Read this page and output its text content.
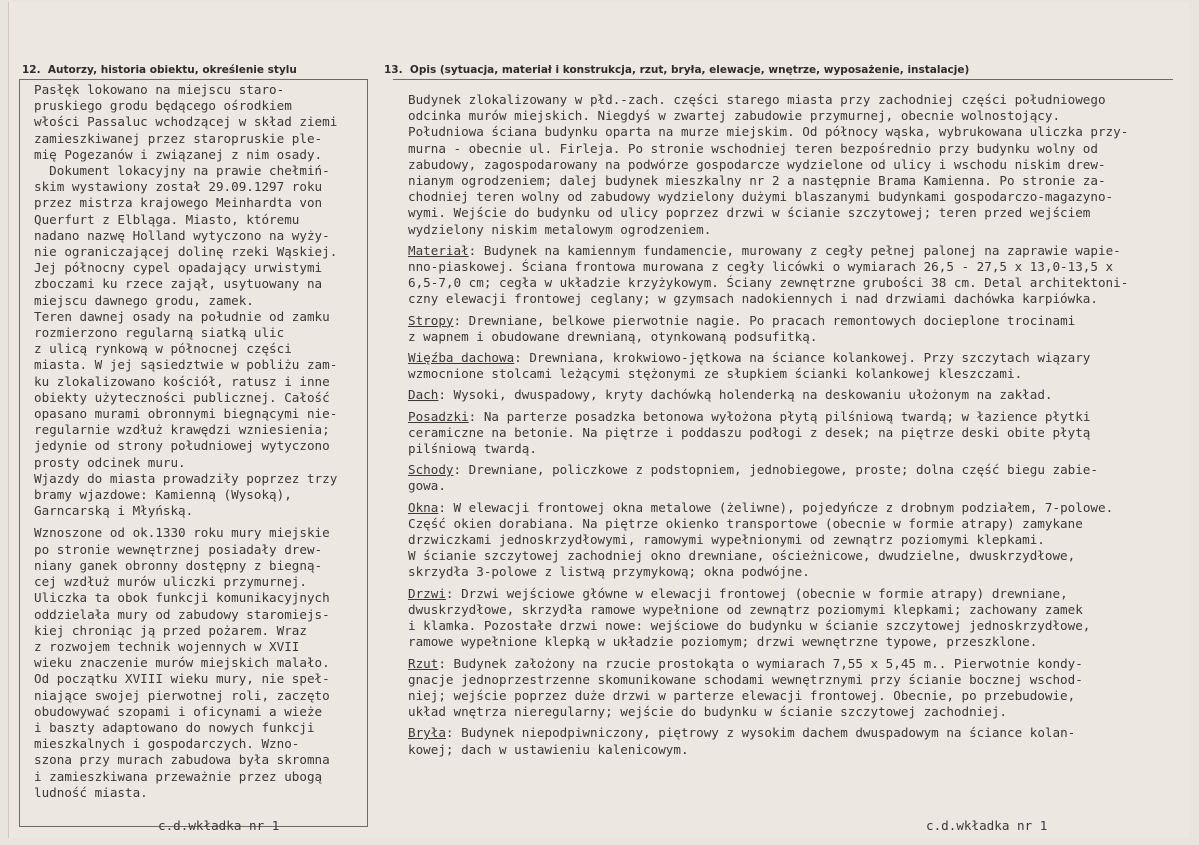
12. Autorzy, historia obiektu, określenie stylu	13. Opis (sytuacja, materiał i konstrukcja, rzut, bryła, elewacje, wnętrze, wyposażenie, instalacje)

Pasłęk lokowano na miejscu staro-

pruskiego grodu będącego ośrodkiem

włości Passaluc wchodzącej w skład ziemi

zamieszkiwanej przez staropruskie ple-

mię Pogezanów i związanej z nim osady.

Dokument lokacyjny na prawie chełmiń-

skim wystawiony został 29.09.1297 roku

przez mistrza krajowego Meinhardta von

Querfurt z Elbląga. Miasto, któremu

nadano nazwę Holland wytyczono na wyży-

nie ograniczającej dolinę rzeki Wąskiej.

Jej północny cypel opadający urwistymi

zboczami ku rzece zajął, usytuowany na

miejscu dawnego grodu, zamek.

Teren dawnej osady na południe od zamku

rozmierzono regularną siatką ulic

z ulicą rynkową w północnej części

miasta. W jej sąsiedztwie w pobliżu zam-

ku zlokalizowano kościół, ratusz i inne

obiekty użyteczności publicznej. Całość

opasano murami obronnymi biegnącymi nie-

regularnie wzdłuż krawędzi wzniesienia;

jedynie od strony południowej wytyczono

prosty odcinek muru.

Wjazdy do miasta prowadziły poprzez trzy

bramy wjazdowe: Kamienną (Wysoką),

Garncarską i Młyńską.

Wznoszone od ok.1330 roku mury miejskie

po stronie wewnętrznej posiadały drew-

niany ganek obronny dostępny z biegną-

cej wzdłuż murów uliczki przymurnej.

Uliczka ta obok funkcji komunikacyjnych

oddzielała mury od zabudowy staromiejs-

kiej chroniąc ją przed pożarem. Wraz

z rozwojem technik wojennych w XVII

wieku znaczenie murów miejskich malało.

Od początku XVIII wieku mury, nie speł-

niające swojej pierwotnej roli, zaczęto

obudowywać szopami i oficynami a wieże

i baszty adaptowano do nowych funkcji

mieszkalnych i gospodarczych. Wzno-

szona przy murach zabudowa była skromna

i zamieszkiwana przeważnie przez ubogą

ludność miasta.

Budynek zlokalizowany w płd.-zach. części starego miasta przy zachodniej części południowego
odcinka murów miejskich. Niegdyś w zwartej zabudowie przymurnej, obecnie wolnostojący.
Południowa ściana budynku oparta na murze miejskim. Od północy wąska, wybrukowana uliczka przy-
murna - obecnie ul. Firleja. Po stronie wschodniej teren bezpośrednio przy budynku wolny od
zabudowy, zagospodarowany na podwórze gospodarcze wydzielone od ulicy i wschodu niskim drew-
nianym ogrodzeniem; dalej budynek mieszkalny nr 2 a następnie Brama Kamienna. Po stronie za-
chodniej teren wolny od zabudowy wydzielony dużymi blaszanymi budynkami gospodarczo-magazyno-
wymi. Wejście do budynku od ulicy poprzez drzwi w ścianie szczytowej; teren przed wejściem
wydzielony niskim metalowym ogrodzeniem.
Materiał: Budynek na kamiennym fundamencie, murowany z cegły pełnej palonej na zaprawie wapie-
nno-piaskowej. Ściana frontowa murowana z cegły licówki o wymiarach 26,5 - 27,5 x 13,0-13,5 x
6,5-7,0 cm; cegła w układzie krzyżykowym. Ściany zewnętrzne grubości 38 cm. Detal architektoni-
czny elewacji frontowej ceglany; w gzymsach nadokiennych i nad drzwiami dachówka karpiówka.
Stropy: Drewniane, belkowe pierwotnie nagie. Po pracach remontowych docieplone trocinami
z wapnem i obudowane drewnianą, otynkowaną podsufitką.
Więźba dachowa: Drewniana, krokwiowo-jętkowa na ściance kolankowej. Przy szczytach wiązary
wzmocnione stolcami leżącymi stężonymi ze słupkiem ścianki kolankowej kleszczami.
Dach: Wysoki, dwuspadowy, kryty dachówką holenderką na deskowaniu ułożonym na zakład.
Posadzki: Na parterze posadzka betonowa wyłożona płytą pilśniową twardą; w łazience płytki
ceramiczne na betonie. Na piętrze i poddaszu podłogi z desek; na piętrze deski obite płytą
pilśniową twardą.
Schody: Drewniane, policzkowe z podstopniem, jednobiegowe, proste; dolna część biegu zabie-
gowa.
Okna: W elewacji frontowej okna metalowe (żeliwne), pojedyńcze z drobnym podziałem, 7-polowe.
Część okien dorabiana. Na piętrze okienko transportowe (obecnie w formie atrapy) zamykane
drzwiczkami jednoskrzydłowymi, ramowymi wypełnionymi od zewnątrz poziomymi klepkami.
W ścianie szczytowej zachodniej okno drewniane, ościeżnicowe, dwudzielne, dwuskrzydłowe,
skrzydła 3-polowe z listwą przymykową; okna podwójne.
Drzwi: Drzwi wejściowe główne w elewacji frontowej (obecnie w formie atrapy) drewniane,
dwuskrzydłowe, skrzydła ramowe wypełnione od zewnątrz poziomymi klepkami; zachowany zamek
i klamka. Pozostałe drzwi nowe: wejściowe do budynku w ścianie szczytowej jednoskrzydłowe,
ramowe wypełnione klepką w układzie poziomym; drzwi wewnętrzne typowe, przeszklone.
Rzut: Budynek założony na rzucie prostokąta o wymiarach 7,55 x 5,45 m.. Pierwotnie kondy-
gnacje jednoprzestrzenne skomunikowane schodami wewnętrznymi przy ścianie bocznej wschod-
niej; wejście poprzez duże drzwi w parterze elewacji frontowej. Obecnie, po przebudowie,
układ wnętrza nieregularny; wejście do budynku w ścianie szczytowej zachodniej.
Bryła: Budynek niepodpiwniczony, piętrowy z wysokim dachem dwuspadowym na ściance kolan-
kowej; dach w ustawieniu kalenicowym.
c.d.wkładka nr 1	c.d.wkładka nr 1
